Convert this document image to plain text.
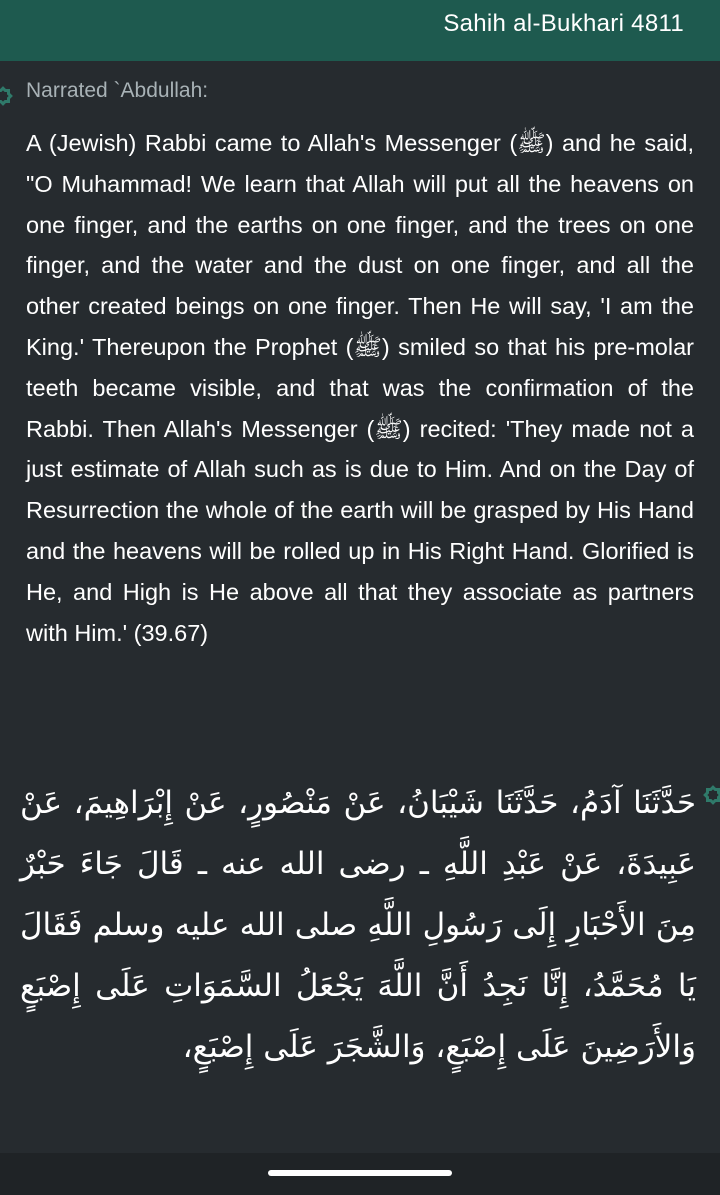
Sahih al-Bukhari 4811
Narrated `Abdullah:
A (Jewish) Rabbi came to Allah's Messenger (ﷺ) and he said, "O Muhammad! We learn that Allah will put all the heavens on one finger, and the earths on one finger, and the trees on one finger, and the water and the dust on one finger, and all the other created beings on one finger. Then He will say, 'I am the King.' Thereupon the Prophet (ﷺ) smiled so that his pre-molar teeth became visible, and that was the confirmation of the Rabbi. Then Allah's Messenger (ﷺ) recited: 'They made not a just estimate of Allah such as is due to Him. And on the Day of Resurrection the whole of the earth will be grasped by His Hand and the heavens will be rolled up in His Right Hand. Glorified is He, and High is He above all that they associate as partners with Him.' (39.67)
حَدَّثَنَا آدَمُ، حَدَّثَنَا شَيْبَانُ، عَنْ مَنْصُورٍ، عَنْ إِبْرَاهِيمَ، عَنْ عَبِيدَةَ، عَنْ عَبْدِ اللَّهِ ـ رضى الله عنه ـ قَالَ جَاءَ حَبْرٌ مِنَ الأَحْبَارِ إِلَى رَسُولِ اللَّهِ صلى الله عليه وسلم فَقَالَ يَا مُحَمَّدُ، إِنَّا نَجِدُ أَنَّ اللَّهَ يَجْعَلُ السَّمَوَاتِ عَلَى إِصْبَعٍ وَالأَرَضِينَ عَلَى إِصْبَعٍ، وَالشَّجَرَ عَلَى إِصْبَعٍ،
